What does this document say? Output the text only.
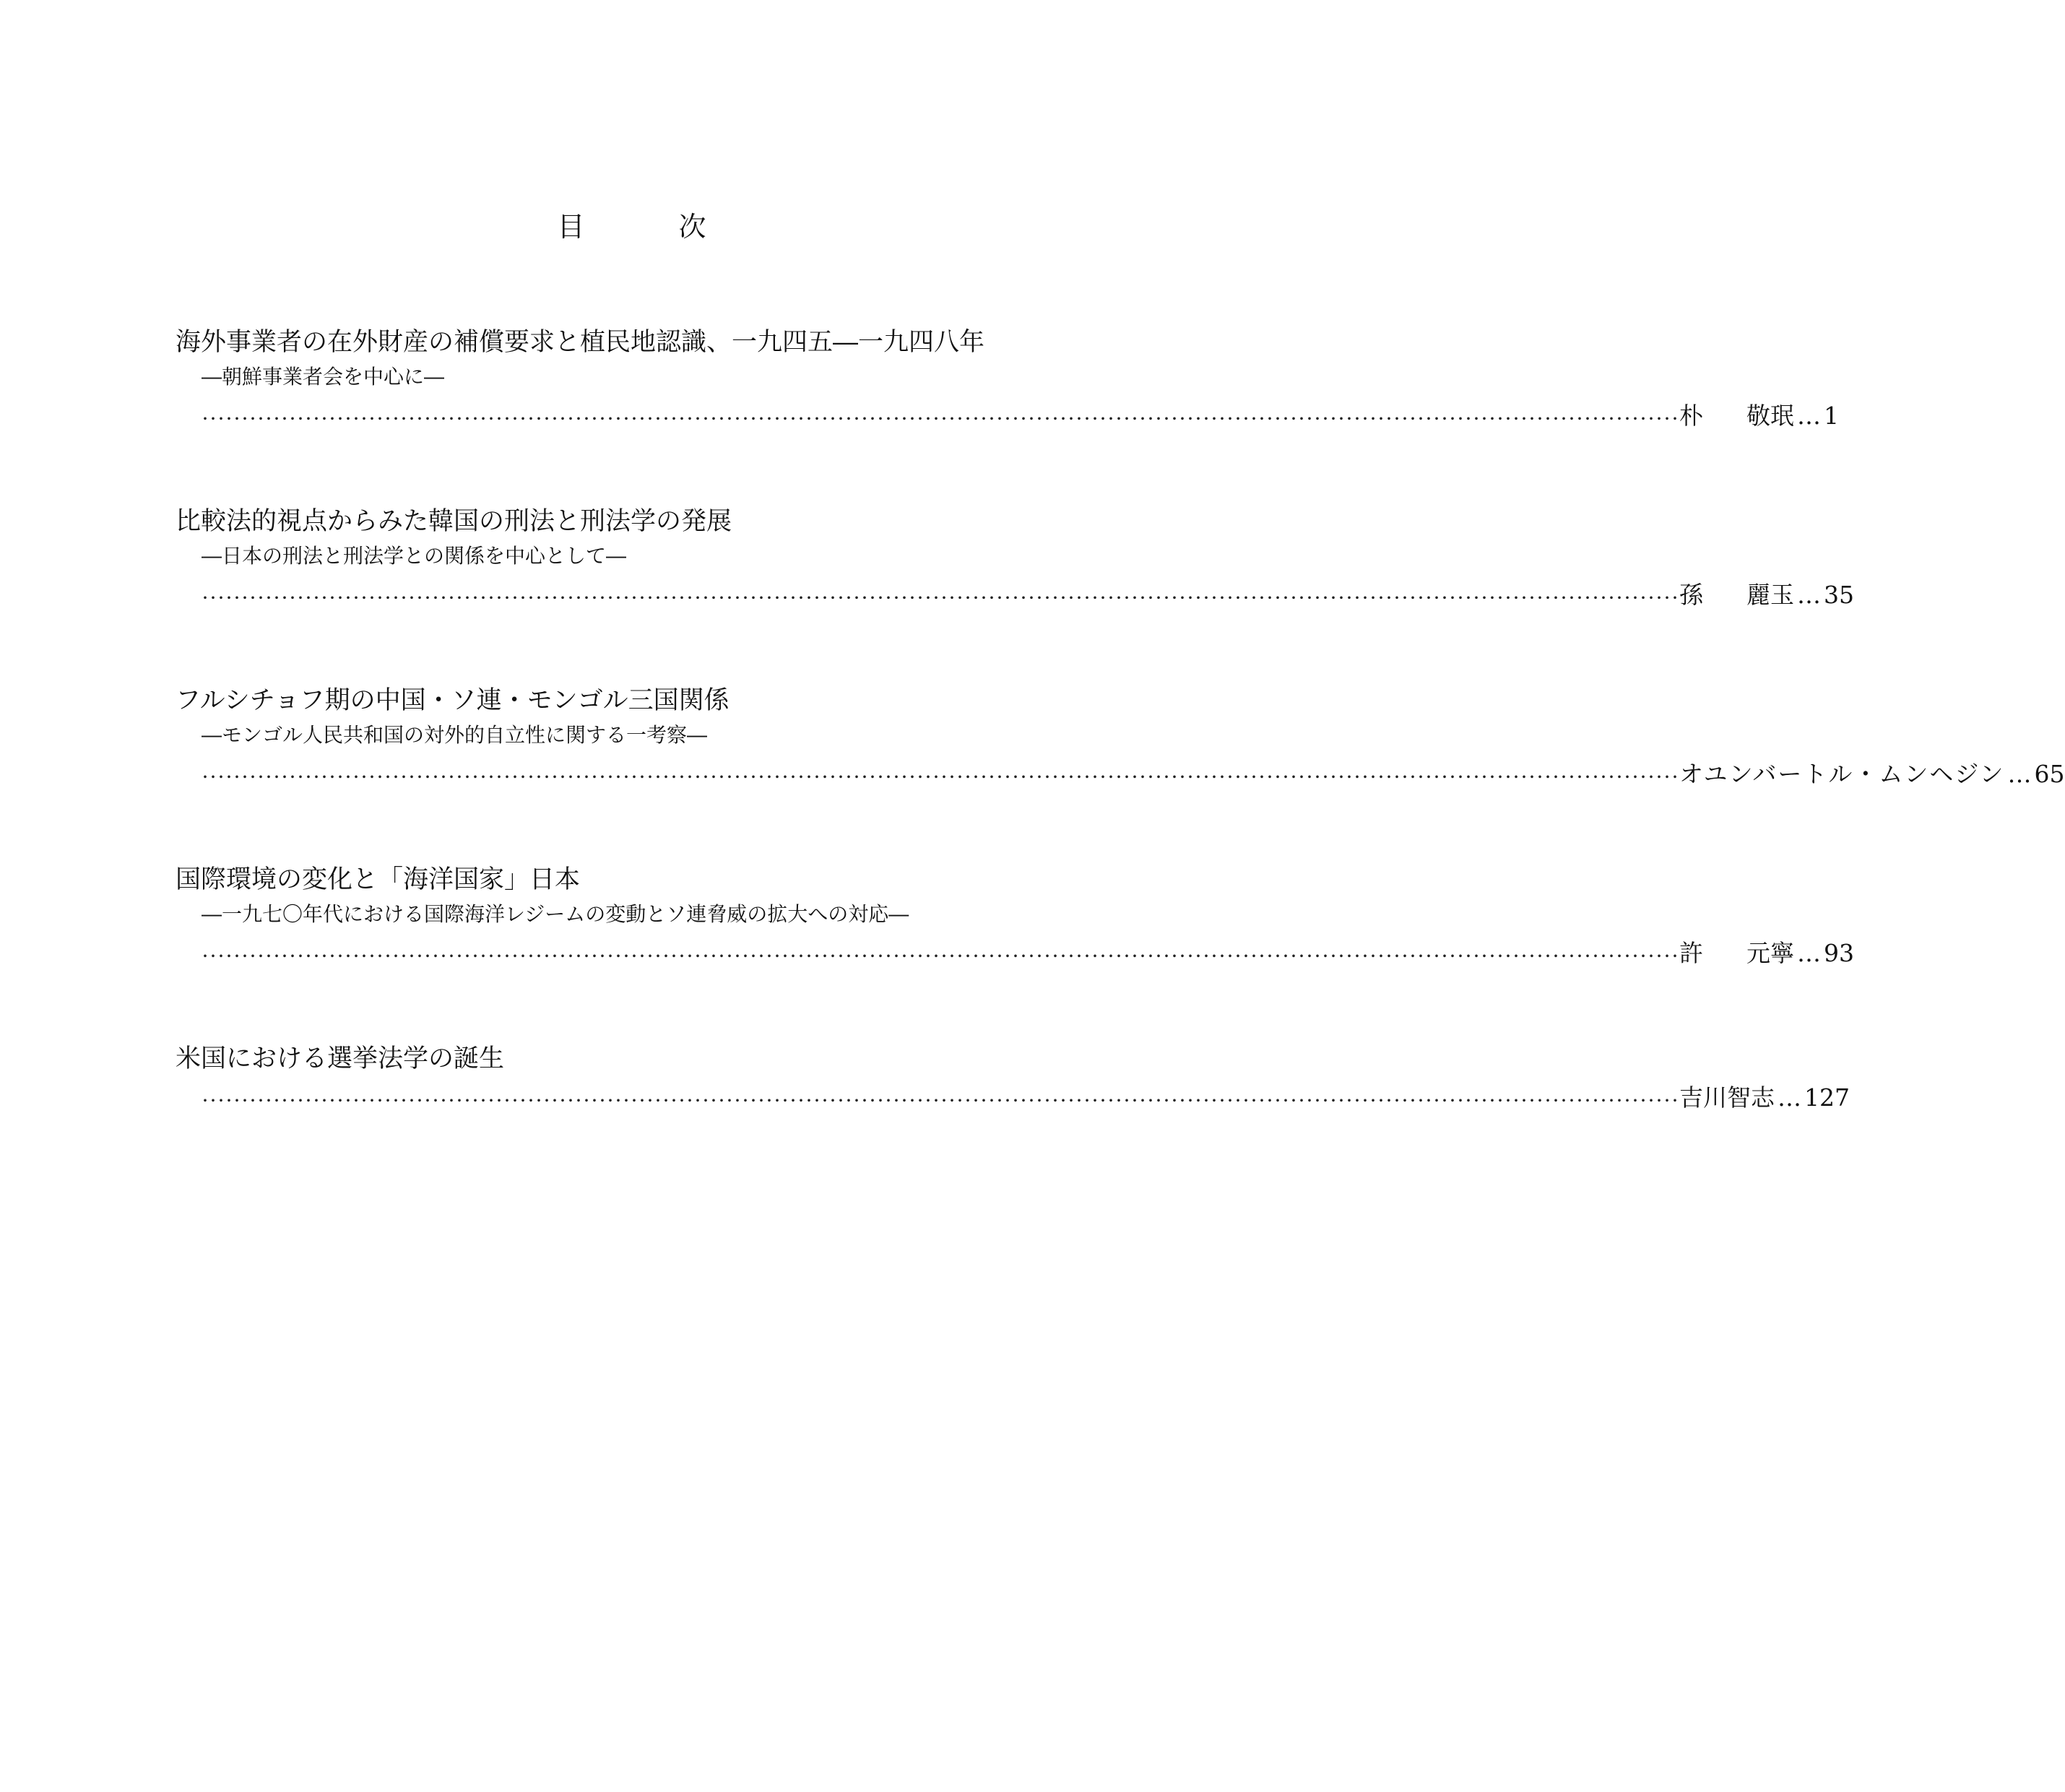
目	次
海外事業者の在外財産の補償要求と植民地認識、一九四五―一九四八年
―朝鮮事業者会を中心に―
･･････････････････････････････････････････････････････････････････････････････････････････････････････････････････････････････････････････････････････････････････････････････････････････ 朴 敬 珉 … 1
比較法的視点からみた韓国の刑法と刑法学の発展
―日本の刑法と刑法学との関係を中心として―
･･････････････････････････････････････････････････････････････････････････････････････････････････････････････････････････････････････････････････････････････････････････････････････････ 孫 麗 玉 … 35
フルシチョフ期の中国・ソ連・モンゴル三国関係
―モンゴル人民共和国の対外的自立性に関する一考察―
･･････････････････････････････････････････････････････････････････････････････････････････････････････････････････････････････････････････････････････････････････････････････････････････ オユンバートル・ムンヘジン … 65
国際環境の変化と「海洋国家」日本
―一九七〇年代における国際海洋レジームの変動とソ連脅威の拡大への対応―
･･････････････････････････････････････････････････････････････････････････････････････････････････････････････････････････････････････････････････････････････････････････････････････････ 許 元 寧 … 93
米国における選挙法学の誕生
･･････････････････････････････････････････････････････････････････････････････････････････････････････････････････････････････････････････････････････････････････････････････････････････ 吉 川 智 志 … 127
